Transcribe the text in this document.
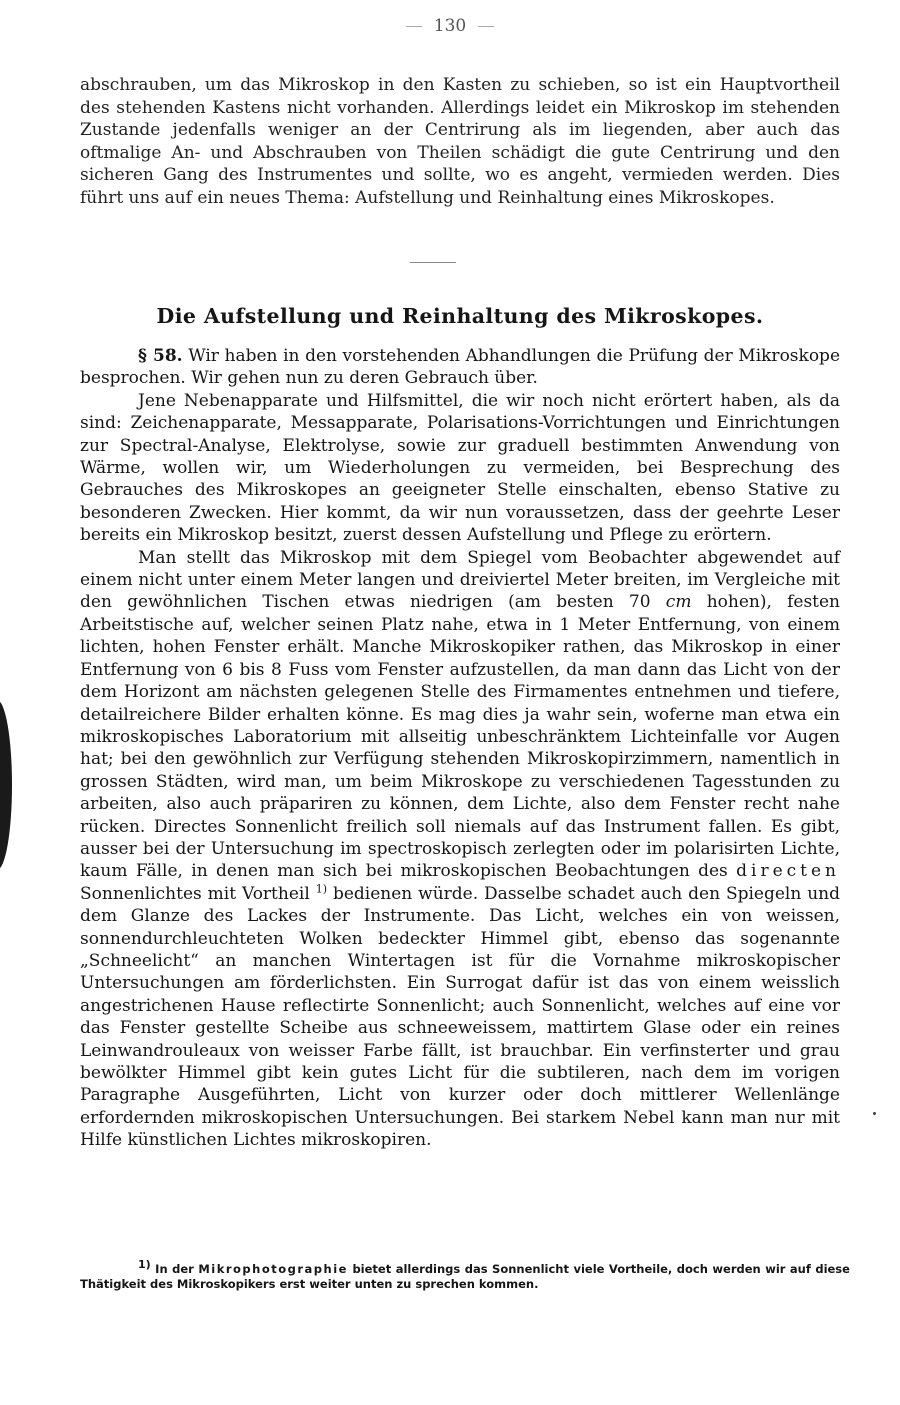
130

abschrauben, um das Mikroskop in den Kasten zu schieben, so ist ein Hauptvortheil des stehenden Kastens nicht vorhanden. Allerdings leidet ein Mikroskop im stehenden Zustande jedenfalls weniger an der Centrirung als im liegenden, aber auch das oftmalige An- und Abschrauben von Theilen schädigt die gute Centrirung und den sicheren Gang des Instrumentes und sollte, wo es angeht, vermieden werden. Dies führt uns auf ein neues Thema: Aufstellung und Reinhaltung eines Mikroskopes.

Die Aufstellung und Reinhaltung des Mikroskopes.

§ 58. Wir haben in den vorstehenden Abhandlungen die Prüfung der Mikroskope besprochen. Wir gehen nun zu deren Gebrauch über.

Jene Nebenapparate und Hilfsmittel, die wir noch nicht erörtert haben, als da sind: Zeichenapparate, Messapparate, Polarisations-Vorrichtungen und Einrichtungen zur Spectral-Analyse, Elektrolyse, sowie zur graduell bestimmten Anwendung von Wärme, wollen wir, um Wiederholungen zu vermeiden, bei Besprechung des Gebrauches des Mikroskopes an geeigneter Stelle einschalten, ebenso Stative zu besonderen Zwecken. Hier kommt, da wir nun voraussetzen, dass der geehrte Leser bereits ein Mikroskop besitzt, zuerst dessen Aufstellung und Pflege zu erörtern.

Man stellt das Mikroskop mit dem Spiegel vom Beobachter abgewendet auf einem nicht unter einem Meter langen und dreiviertel Meter breiten, im Vergleiche mit den gewöhnlichen Tischen etwas niedrigen (am besten 70 cm hohen), festen Arbeitstische auf, welcher seinen Platz nahe, etwa in 1 Meter Entfernung, von einem lichten, hohen Fenster erhält. Manche Mikroskopiker rathen, das Mikroskop in einer Entfernung von 6 bis 8 Fuss vom Fenster aufzustellen, da man dann das Licht von der dem Horizont am nächsten gelegenen Stelle des Firmamentes entnehmen und tiefere, detailreichere Bilder erhalten könne. Es mag dies ja wahr sein, woferne man etwa ein mikroskopisches Laboratorium mit allseitig unbeschränktem Lichteinfalle vor Augen hat; bei den gewöhnlich zur Verfügung stehenden Mikroskopirzimmern, namentlich in grossen Städten, wird man, um beim Mikroskope zu verschiedenen Tagesstunden zu arbeiten, also auch präpariren zu können, dem Lichte, also dem Fenster recht nahe rücken. Directes Sonnenlicht freilich soll niemals auf das Instrument fallen. Es gibt, ausser bei der Untersuchung im spectroskopisch zerlegten oder im polarisirten Lichte, kaum Fälle, in denen man sich bei mikroskopischen Beobachtungen des directen Sonnenlichtes mit Vortheil $^{1)}$ bedienen würde. Dasselbe schadet auch den Spiegeln und dem Glanze des Lackes der Instrumente. Das Licht, welches ein von weissen, sonnendurchleuchteten Wolken bedeckter Himmel gibt, ebenso das sogenannte „Schneelicht“ an manchen Wintertagen ist für die Vornahme mikroskopischer Untersuchungen am förderlichsten. Ein Surrogat dafür ist das von einem weisslich angestrichenen Hause reflectirte Sonnenlicht; auch Sonnenlicht, welches auf eine vor das Fenster gestellte Scheibe aus schneeweissem, mattirtem Glase oder ein reines Leinwandrouleaux von weisser Farbe fällt, ist brauchbar. Ein verfinsterter und grau bewölkter Himmel gibt kein gutes Licht für die subtileren, nach dem im vorigen Paragraphe Ausgeführten, Licht von kurzer oder doch mittlerer Wellenlänge erfordernden mikroskopischen Untersuchungen. Bei starkem Nebel kann man nur mit Hilfe künstlichen Lichtes mikroskopiren.

1) In der Mikrophotographie bietet allerdings das Sonnenlicht viele Vortheile, doch werden wir auf diese Thätigkeit des Mikroskopikers erst weiter unten zu sprechen kommen.
